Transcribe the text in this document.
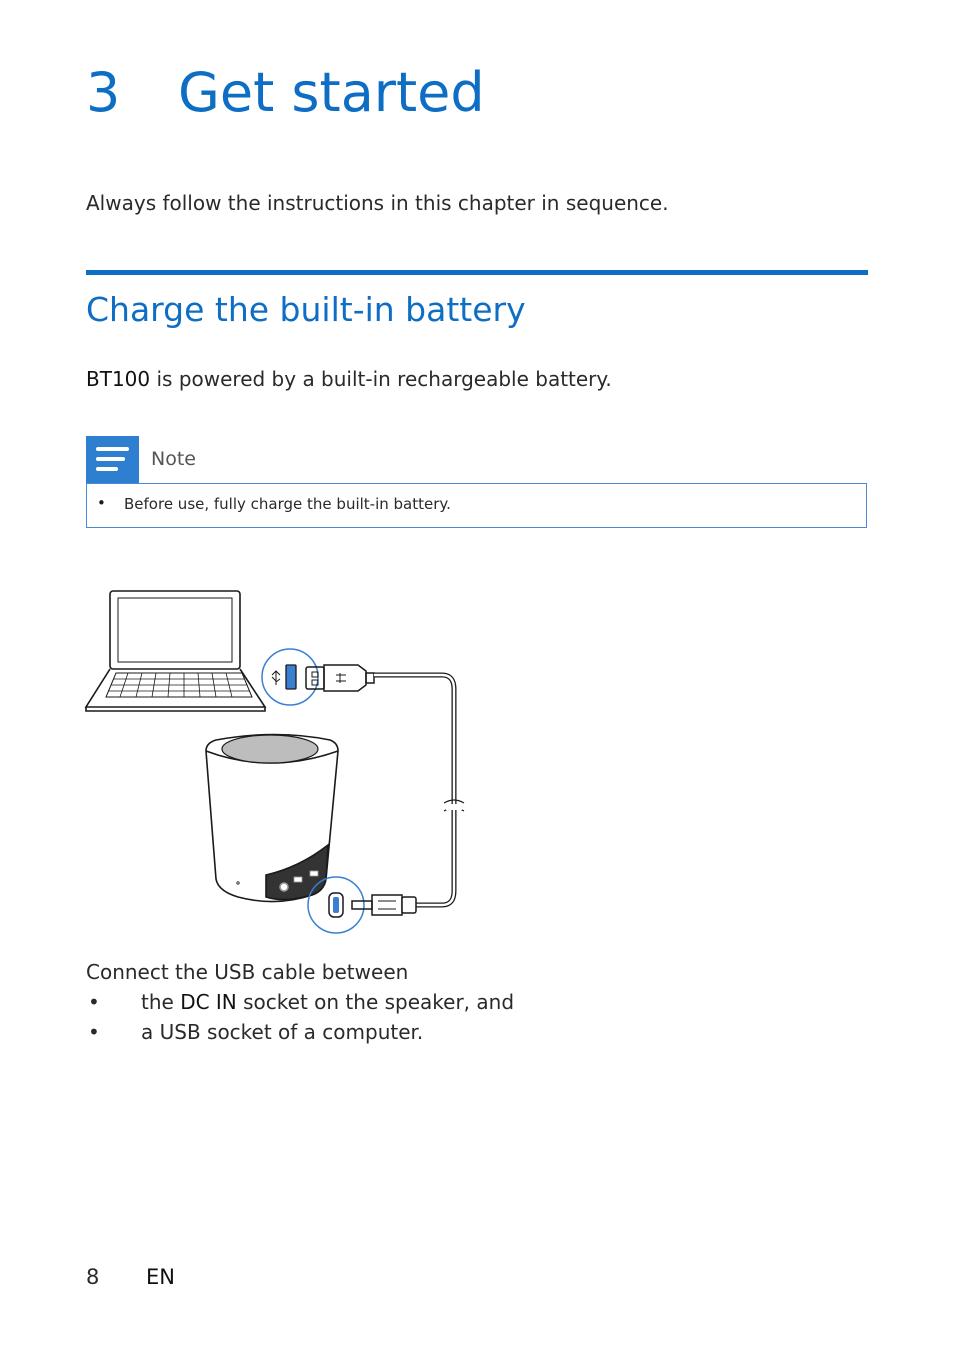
3 Get started
Always follow the instructions in this chapter in sequence.
Charge the built-in battery
BT100 is powered by a built-in rechargeable battery.
Note
• Before use, fully charge the built-in battery.
Connect the USB cable between
• the DC IN socket on the speaker, and
• a USB socket of a computer.
8 EN
